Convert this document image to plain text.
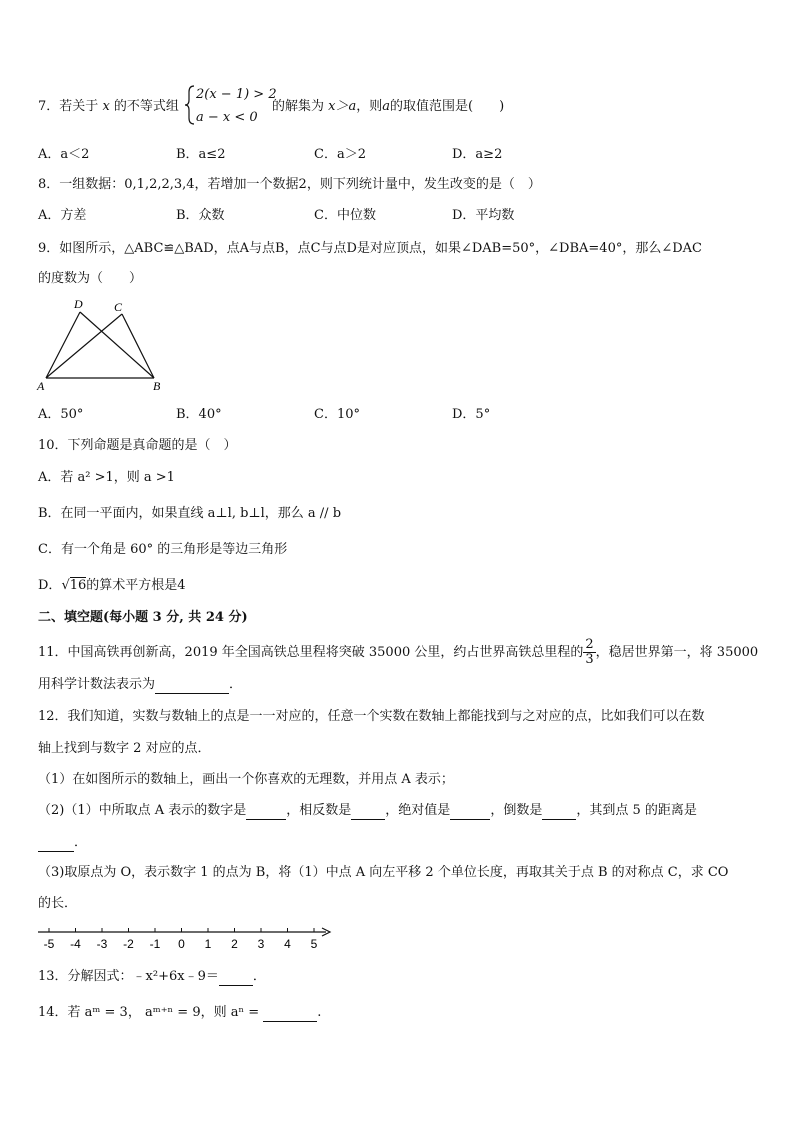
7．若关于 x 的不等式组
2(x − 1) > 2
a − x < 0
的解集为 x＞a，则a的取值范围是(　　)
A．a＜2	B．a≤2	C．a＞2	D．a≥2
8．一组数据：0,1,2,2,3,4，若增加一个数据2，则下列统计量中，发生改变的是（　）
A．方差	B．众数	C．中位数	D．平均数
9．如图所示，△ABC≌△BAD，点A与点B，点C与点D是对应顶点，如果∠DAB=50°，∠DBA=40°，那么∠DAC
的度数为（　　）
D	C
A	B
A．50°	B．40°	C．10°	D．5°
10．下列命题是真命题的是（　）
A．若 a² >1，则 a >1
B．在同一平面内，如果直线 a⊥l, b⊥l，那么 a // b
C．有一个角是 60° 的三角形是等边三角形
D．√16的算术平方根是4
二、填空题(每小题 3 分, 共 24 分)
11．中国高铁再创新高，2019 年全国高铁总里程将突破 35000 公里，约占世界高铁总里程的 $\frac{2}{3}$ ，稳居世界第一，将 35000
用科学计数法表示为	．
12．我们知道，实数与数轴上的点是一一对应的，任意一个实数在数轴上都能找到与之对应的点，比如我们可以在数
轴上找到与数字 2 对应的点．
（1）在如图所示的数轴上，画出一个你喜欢的无理数，并用点 A 表示；
（2)（1）中所取点 A 表示的数字是	，相反数是	，绝对值是	，倒数是	，其到点 5 的距离是
．
（3)取原点为 O，表示数字 1 的点为 B，将（1）中点 A 向左平移 2 个单位长度，再取其关于点 B 的对称点 C，求 CO
的长．
-5 -4 -3 -2 -1 0 1 2 3 4 5
13．分解因式：﹣x²+6x﹣9＝	．
14．若 aᵐ = 3， aᵐ⁺ⁿ = 9，则 aⁿ =	.
